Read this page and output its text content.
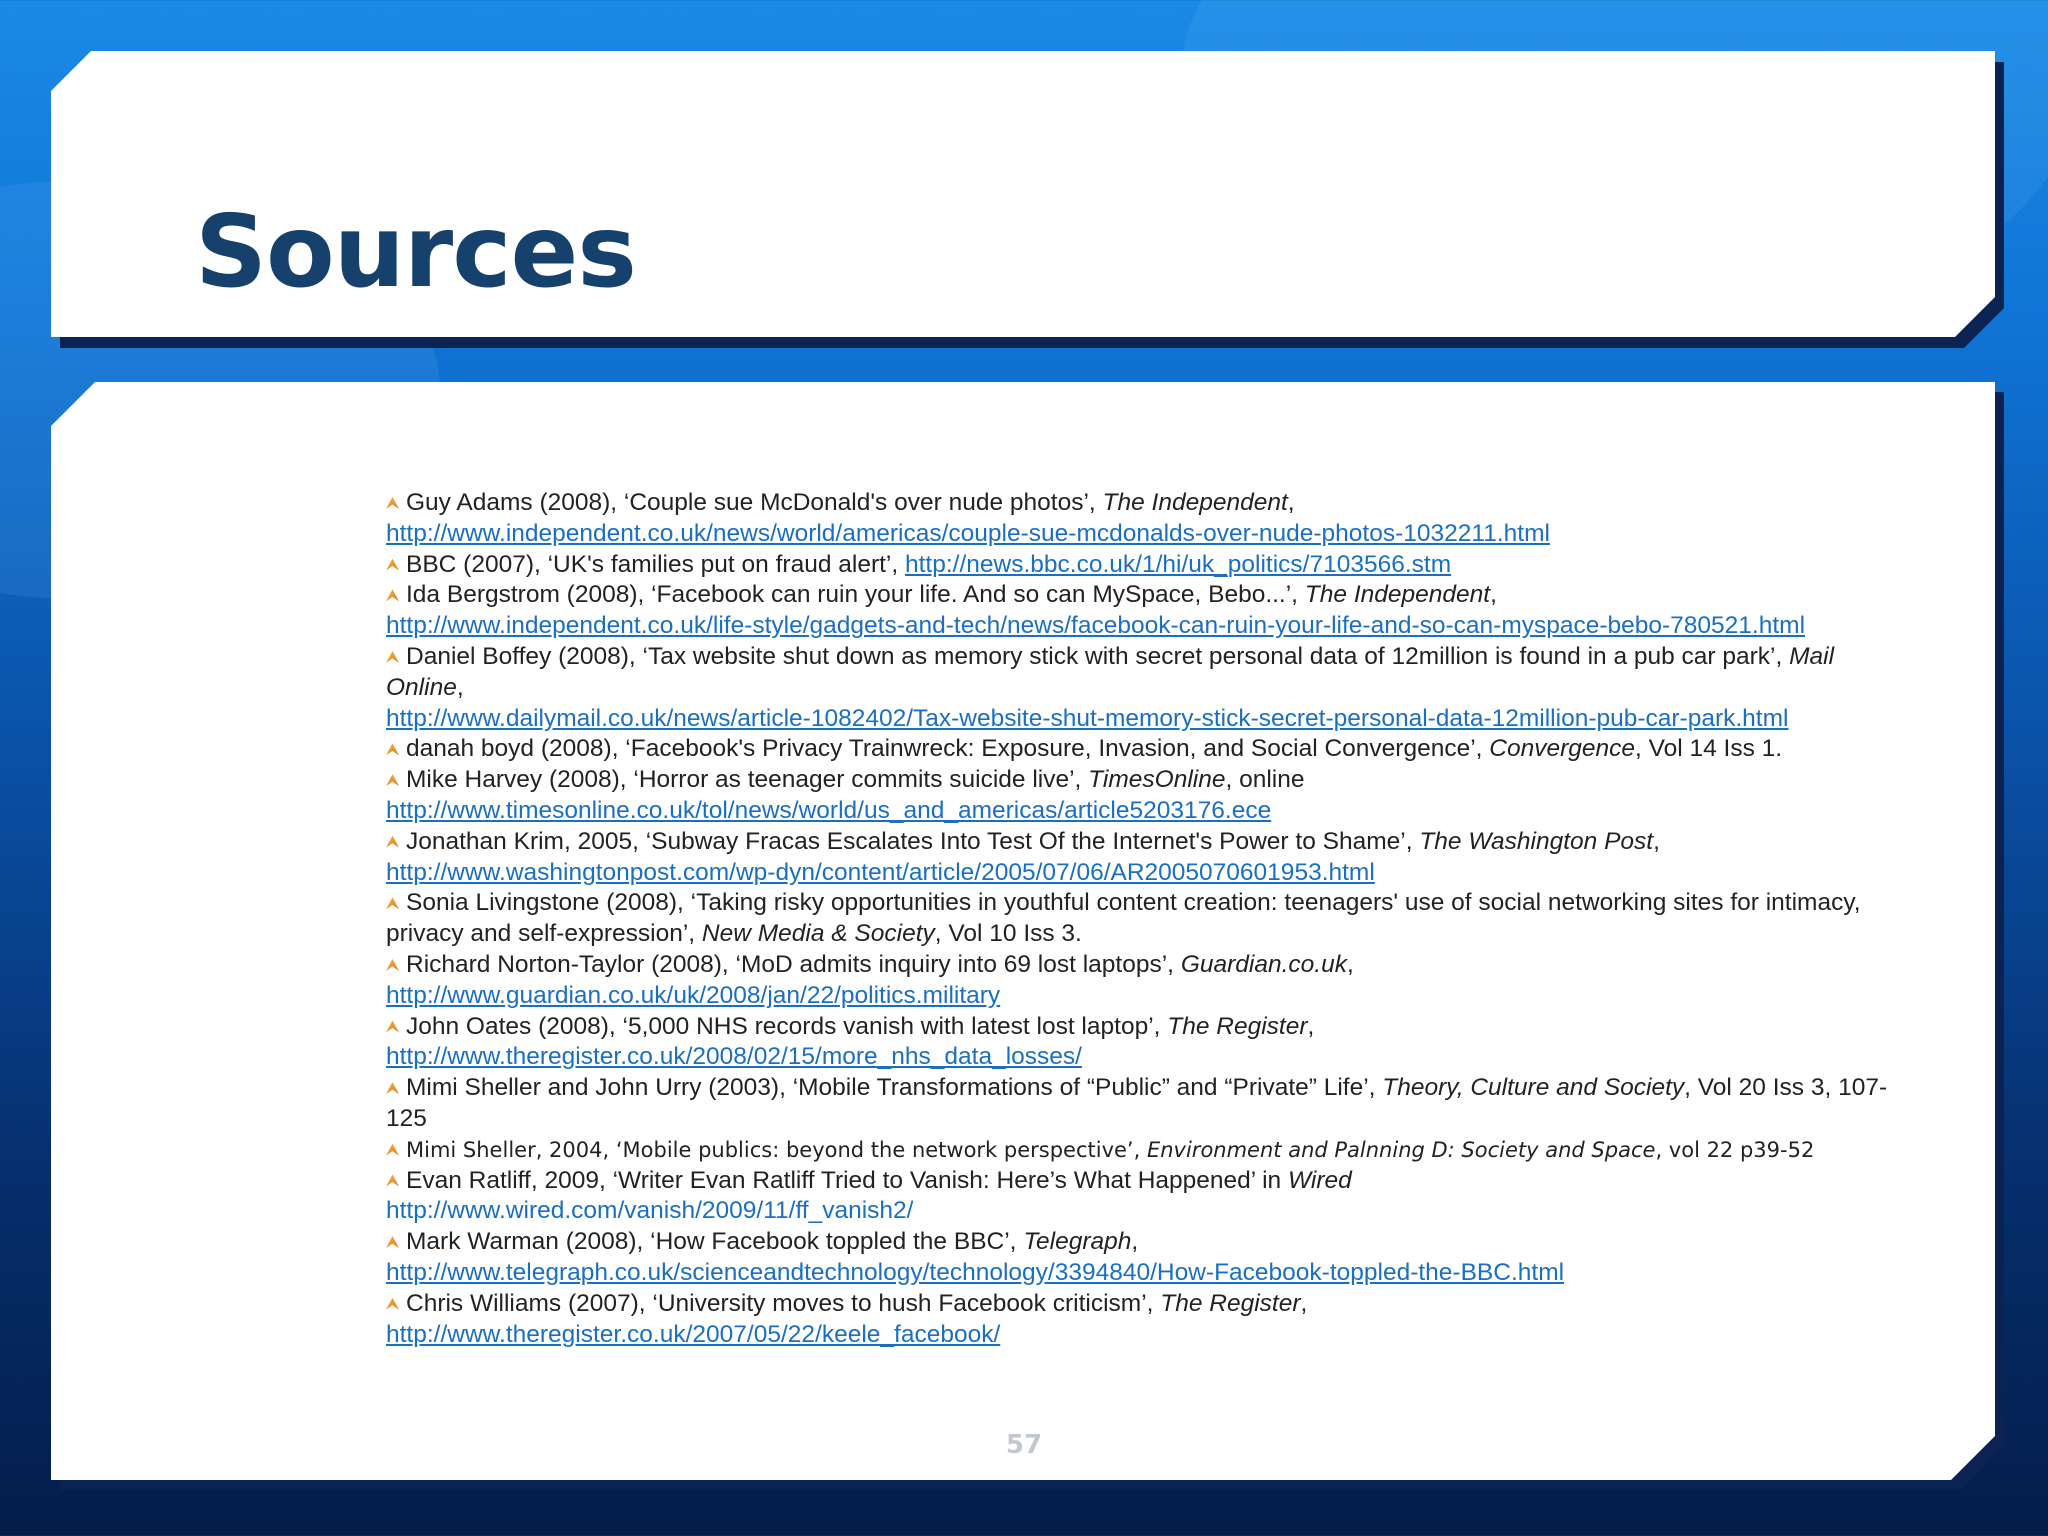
Sources

Guy Adams (2008), ‘Couple sue McDonald's over nude photos’, The Independent,
http://www.independent.co.uk/news/world/americas/couple-sue-mcdonalds-over-nude-photos-1032211.html

BBC (2007), ‘UK's families put on fraud alert’, http://news.bbc.co.uk/1/hi/uk_politics/7103566.stm

Ida Bergstrom (2008), ‘Facebook can ruin your life. And so can MySpace, Bebo...’, The Independent,
http://www.independent.co.uk/life-style/gadgets-and-tech/news/facebook-can-ruin-your-life-and-so-can-myspace-bebo-780521.html

Daniel Boffey (2008), ‘Tax website shut down as memory stick with secret personal data of 12million is found in a pub car park’, Mail Online,
http://www.dailymail.co.uk/news/article-1082402/Tax-website-shut-memory-stick-secret-personal-data-12million-pub-car-park.html

danah boyd (2008), ‘Facebook's Privacy Trainwreck: Exposure, Invasion, and Social Convergence’, Convergence, Vol 14 Iss 1.

Mike Harvey (2008), ‘Horror as teenager commits suicide live’, TimesOnline, online
http://www.timesonline.co.uk/tol/news/world/us_and_americas/article5203176.ece

Jonathan Krim, 2005, ‘Subway Fracas Escalates Into Test Of the Internet's Power to Shame’, The Washington Post,
http://www.washingtonpost.com/wp-dyn/content/article/2005/07/06/AR2005070601953.html

Sonia Livingstone (2008), ‘Taking risky opportunities in youthful content creation: teenagers' use of social networking sites for intimacy, privacy and self-expression’, New Media & Society, Vol 10 Iss 3.

Richard Norton-Taylor (2008), ‘MoD admits inquiry into 69 lost laptops’, Guardian.co.uk,
http://www.guardian.co.uk/uk/2008/jan/22/politics.military

John Oates (2008), ‘5,000 NHS records vanish with latest lost laptop’, The Register,
http://www.theregister.co.uk/2008/02/15/more_nhs_data_losses/

Mimi Sheller and John Urry (2003), ‘Mobile Transformations of “Public” and “Private” Life’, Theory, Culture and Society, Vol 20 Iss 3, 107-125

Mimi Sheller, 2004, ‘Mobile publics: beyond the network perspective’, Environment and Palnning D: Society and Space, vol 22 p39-52

Evan Ratliff, 2009, ‘Writer Evan Ratliff Tried to Vanish: Here’s What Happened’ in Wired
http://www.wired.com/vanish/2009/11/ff_vanish2/

Mark Warman (2008), ‘How Facebook toppled the BBC’, Telegraph,
http://www.telegraph.co.uk/scienceandtechnology/technology/3394840/How-Facebook-toppled-the-BBC.html

Chris Williams (2007), ‘University moves to hush Facebook criticism’, The Register,
http://www.theregister.co.uk/2007/05/22/keele_facebook/

57
